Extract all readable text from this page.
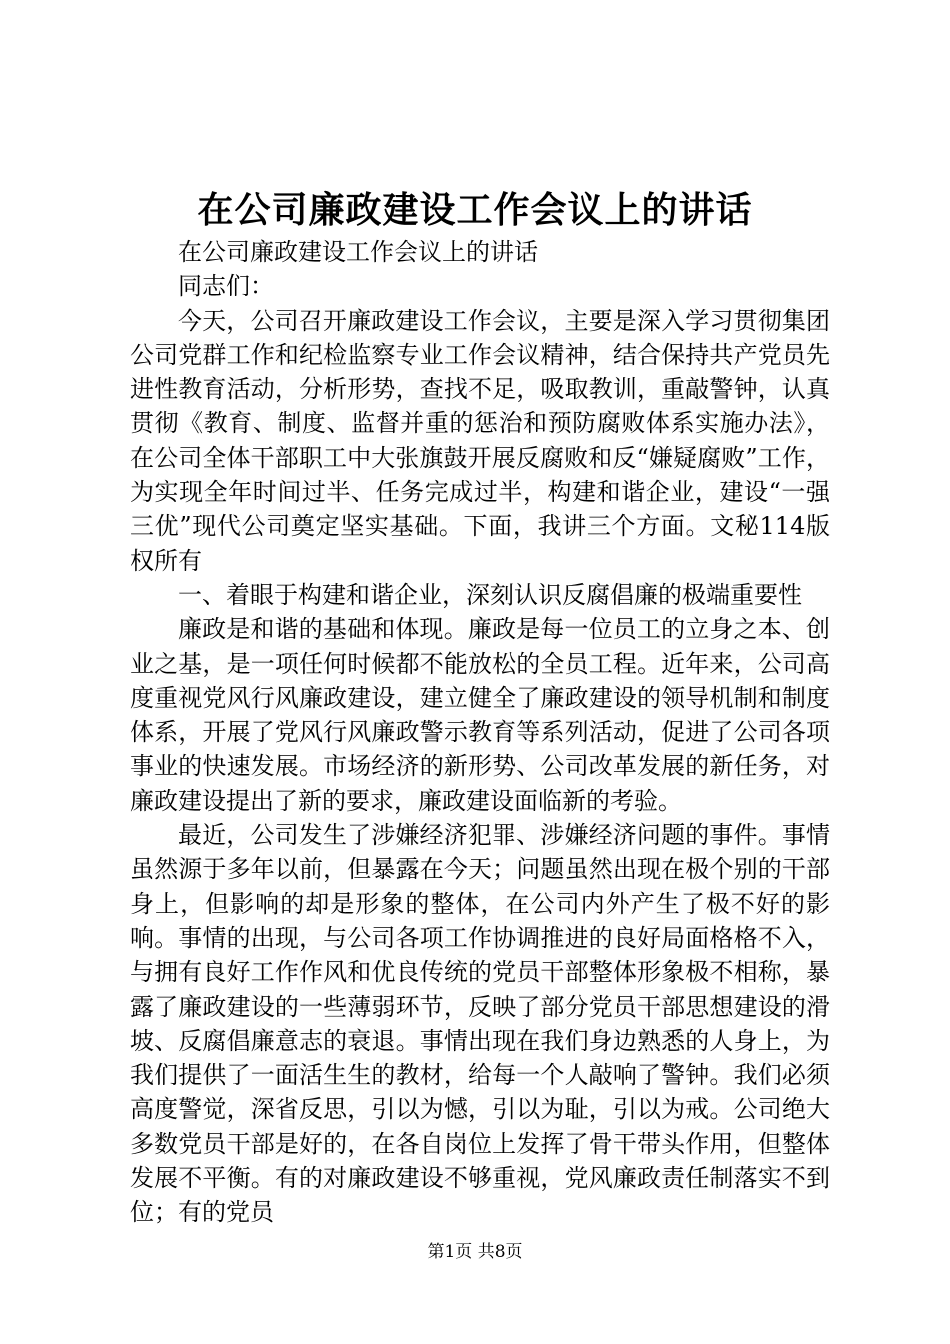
在公司廉政建设工作会议上的讲话

在公司廉政建设工作会议上的讲话

同志们：

今天，公司召开廉政建设工作会议，主要是深入学习贯彻集团公司党群工作和纪检监察专业工作会议精神，结合保持共产党员先进性教育活动，分析形势，查找不足，吸取教训，重敲警钟，认真贯彻《教育、制度、监督并重的惩治和预防腐败体系实施办法》，在公司全体干部职工中大张旗鼓开展反腐败和反“嫌疑腐败”工作，为实现全年时间过半、任务完成过半，构建和谐企业，建设“一强三优”现代公司奠定坚实基础。下面，我讲三个方面。文秘114版权所有

一、着眼于构建和谐企业，深刻认识反腐倡廉的极端重要性

廉政是和谐的基础和体现。廉政是每一位员工的立身之本、创业之基，是一项任何时候都不能放松的全员工程。近年来，公司高度重视党风行风廉政建设，建立健全了廉政建设的领导机制和制度体系，开展了党风行风廉政警示教育等系列活动，促进了公司各项事业的快速发展。市场经济的新形势、公司改革发展的新任务，对廉政建设提出了新的要求，廉政建设面临新的考验。

最近，公司发生了涉嫌经济犯罪、涉嫌经济问题的事件。事情虽然源于多年以前，但暴露在今天；问题虽然出现在极个别的干部身上，但影响的却是形象的整体，在公司内外产生了极不好的影响。事情的出现，与公司各项工作协调推进的良好局面格格不入，与拥有良好工作作风和优良传统的党员干部整体形象极不相称，暴露了廉政建设的一些薄弱环节，反映了部分党员干部思想建设的滑坡、反腐倡廉意志的衰退。事情出现在我们身边熟悉的人身上，为我们提供了一面活生生的教材，给每一个人敲响了警钟。我们必须高度警觉，深省反思，引以为憾，引以为耻，引以为戒。公司绝大多数党员干部是好的，在各自岗位上发挥了骨干带头作用，但整体发展不平衡。有的对廉政建设不够重视，党风廉政责任制落实不到位；有的党员

第1页 共8页
